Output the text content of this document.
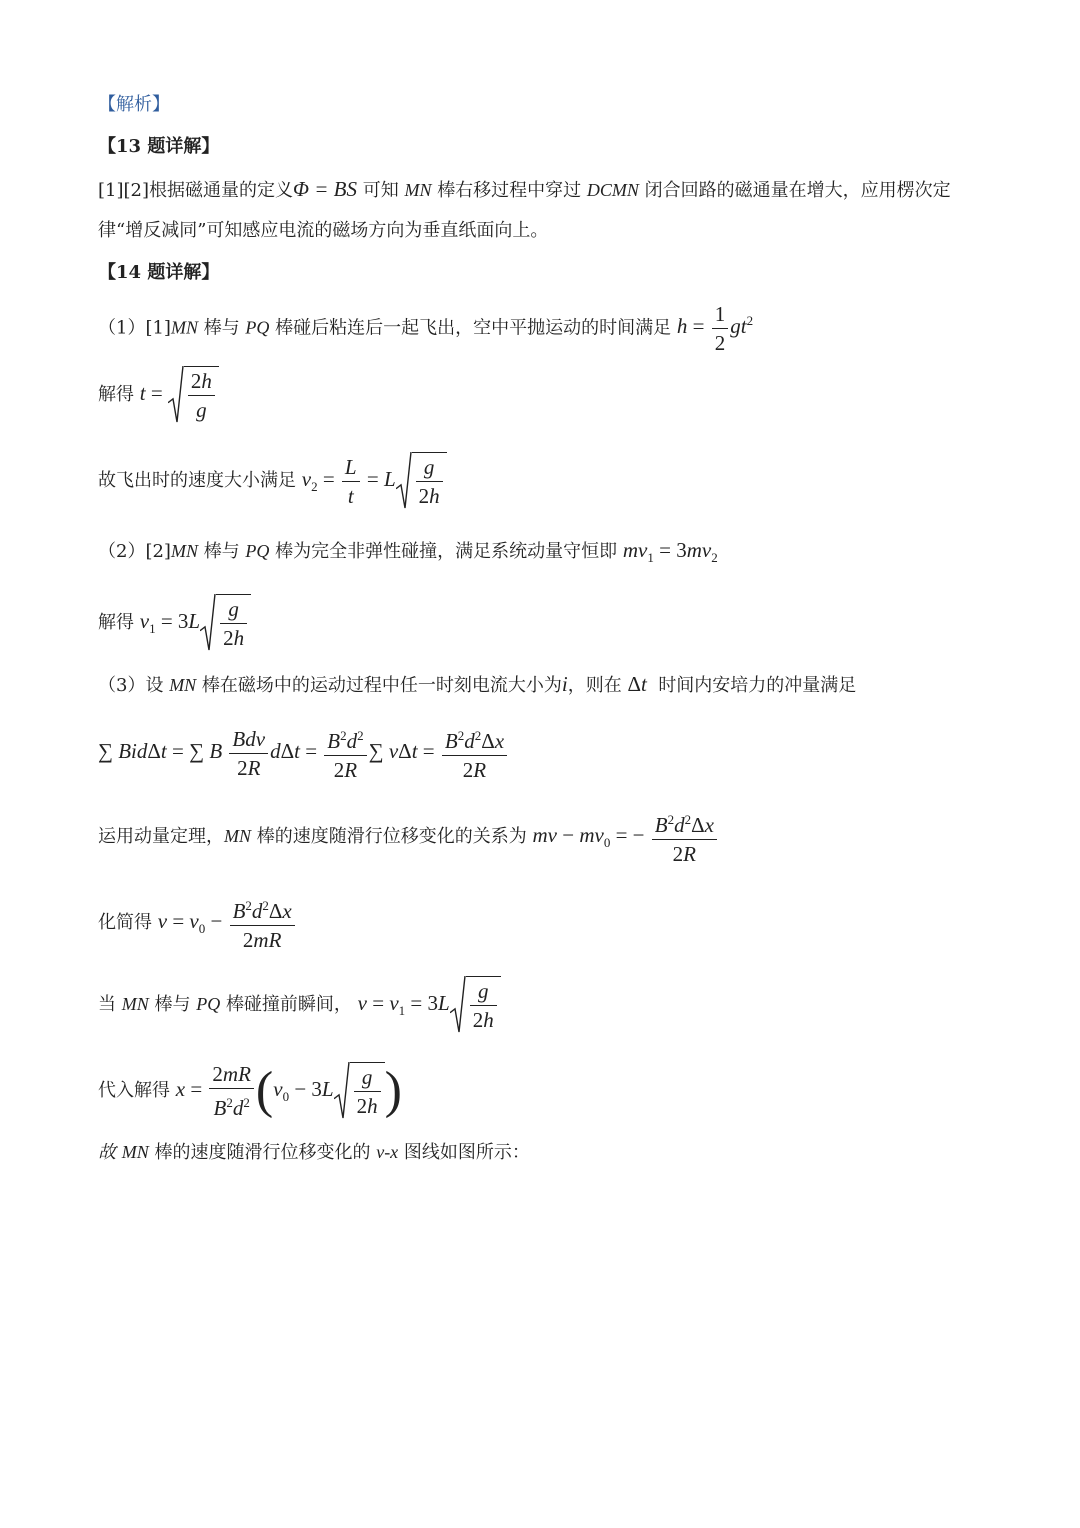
【解析】
【13 题详解】
[1][2]根据磁通量的定义Φ = BS 可知 MN 棒右移过程中穿过 DCMN 闭合回路的磁通量在增大，应用楞次定
律“增反减同”可知感应电流的磁场方向为垂直纸面向上。
【14 题详解】
（1）[1]MN 棒与 PQ 棒碰后粘连后一起飞出，空中平抛运动的时间满足 $h = \frac{1}{2} gt^2$
解得 $t = \frac{2h}{g}$
故飞出时的速度大小满足 $v_2 = \frac{L}{t} = L \frac{g}{2h}$
（2）[2]MN 棒与 PQ 棒为完全非弹性碰撞，满足系统动量守恒即 $mv_1 = 3mv_2$
解得 $v_1 = 3L \frac{g}{2h}$
（3）设 MN 棒在磁场中的运动过程中任一时刻电流大小为i，则在 Δt 时间内安培力的冲量满足
∑ BidΔt = ∑ B $\frac{\text{Bdv}}{2R}$ $d\Delta t = \frac{B^2d^2}{2R}$ ∑ $v\Delta t = \frac{B^2d^2\Delta x}{2R}$
运用动量定理，MN 棒的速度随滑行位移变化的关系为 mv − $mv_0$ = − $\frac{B^2d^2\Delta x}{2R}$
化简得 $v = v_0 - \frac{B^2d^2\Delta x}{2mR}$
当 MN 棒与 PQ 棒碰撞前瞬间， $v = v_1 = 3L \frac{g}{2h}$
代入解得 $x = \frac{2mR}{B^2d^2} (v_0 - 3L \frac{g}{2h}$ )
故 MN 棒的速度随滑行位移变化的 v-x 图线如图所示：
